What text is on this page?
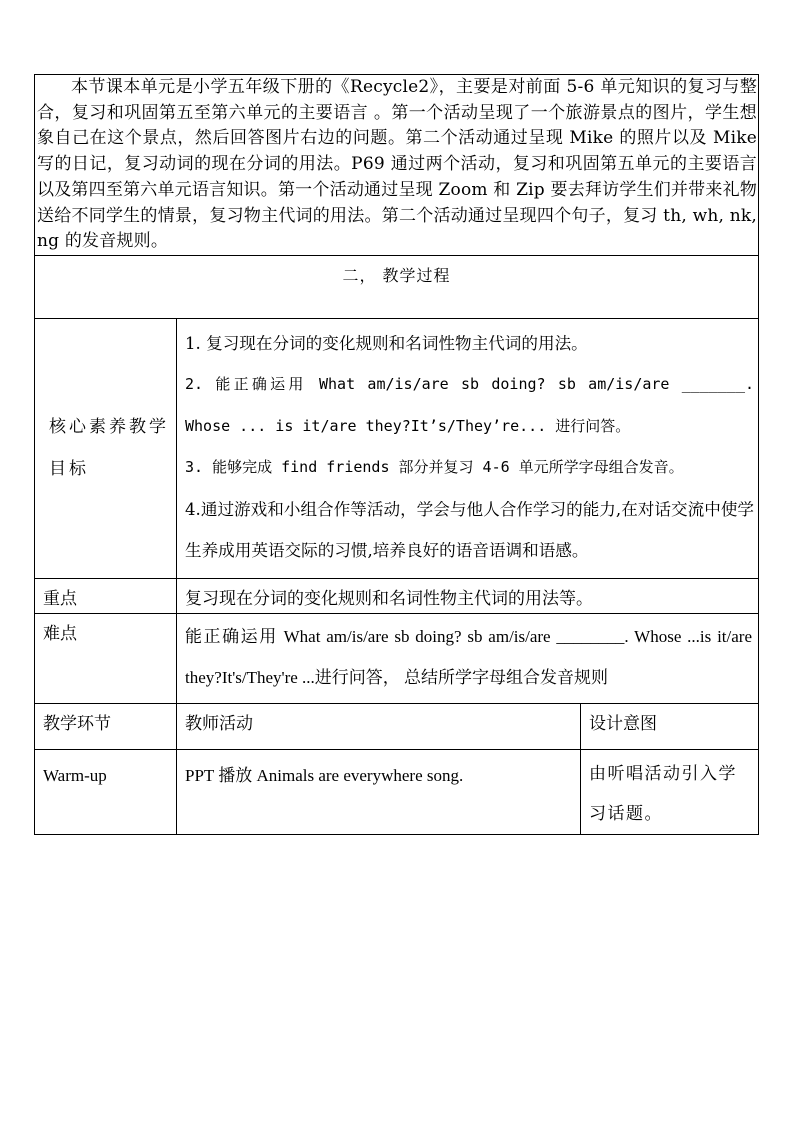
本节课本单元是小学五年级下册的《Recycle2》，主要是对前面 5-6 单元知识的复习与整合，复习和巩固第五至第六单元的主要语言 。第一个活动呈现了一个旅游景点的图片，学生想象自己在这个景点，然后回答图片右边的问题。第二个活动通过呈现 Mike 的照片以及 Mike 写的日记，复习动词的现在分词的用法。P69 通过两个活动，复习和巩固第五单元的主要语言以及第四至第六单元语言知识。第一个活动通过呈现 Zoom 和 Zip 要去拜访学生们并带来礼物送给不同学生的情景，复习物主代词的用法。第二个活动通过呈现四个句子，复习 th, wh, nk, ng 的发音规则。		

二， 教学过程		
核心素养教学目标	1. 复习现在分词的变化规则和名词性物主代词的用法。

2. 能正确运用 What am/is/are sb doing? sb am/is/are _______. Whose ... is it/are they?It’s/They’re... 进行问答。

3. 能够完成 find friends 部分并复习 4-6 单元所学字母组合发音。

4.通过游戏和小组合作等活动，学会与他人合作学习的能力,在对话交流中使学生养成用英语交际的习惯,培养良好的语音语调和语感。	

重点	复习现在分词的变化规则和名词性物主代词的用法等。	
难点	能正确运用 What am/is/are sb doing? sb am/is/are ________. Whose ...is it/are they?It's/They're ...进行问答， 总结所学字母组合发音规则	
教学环节	教师活动	设计意图
Warm-up	PPT 播放 Animals are everywhere song.	由听唱活动引入学习话题。
